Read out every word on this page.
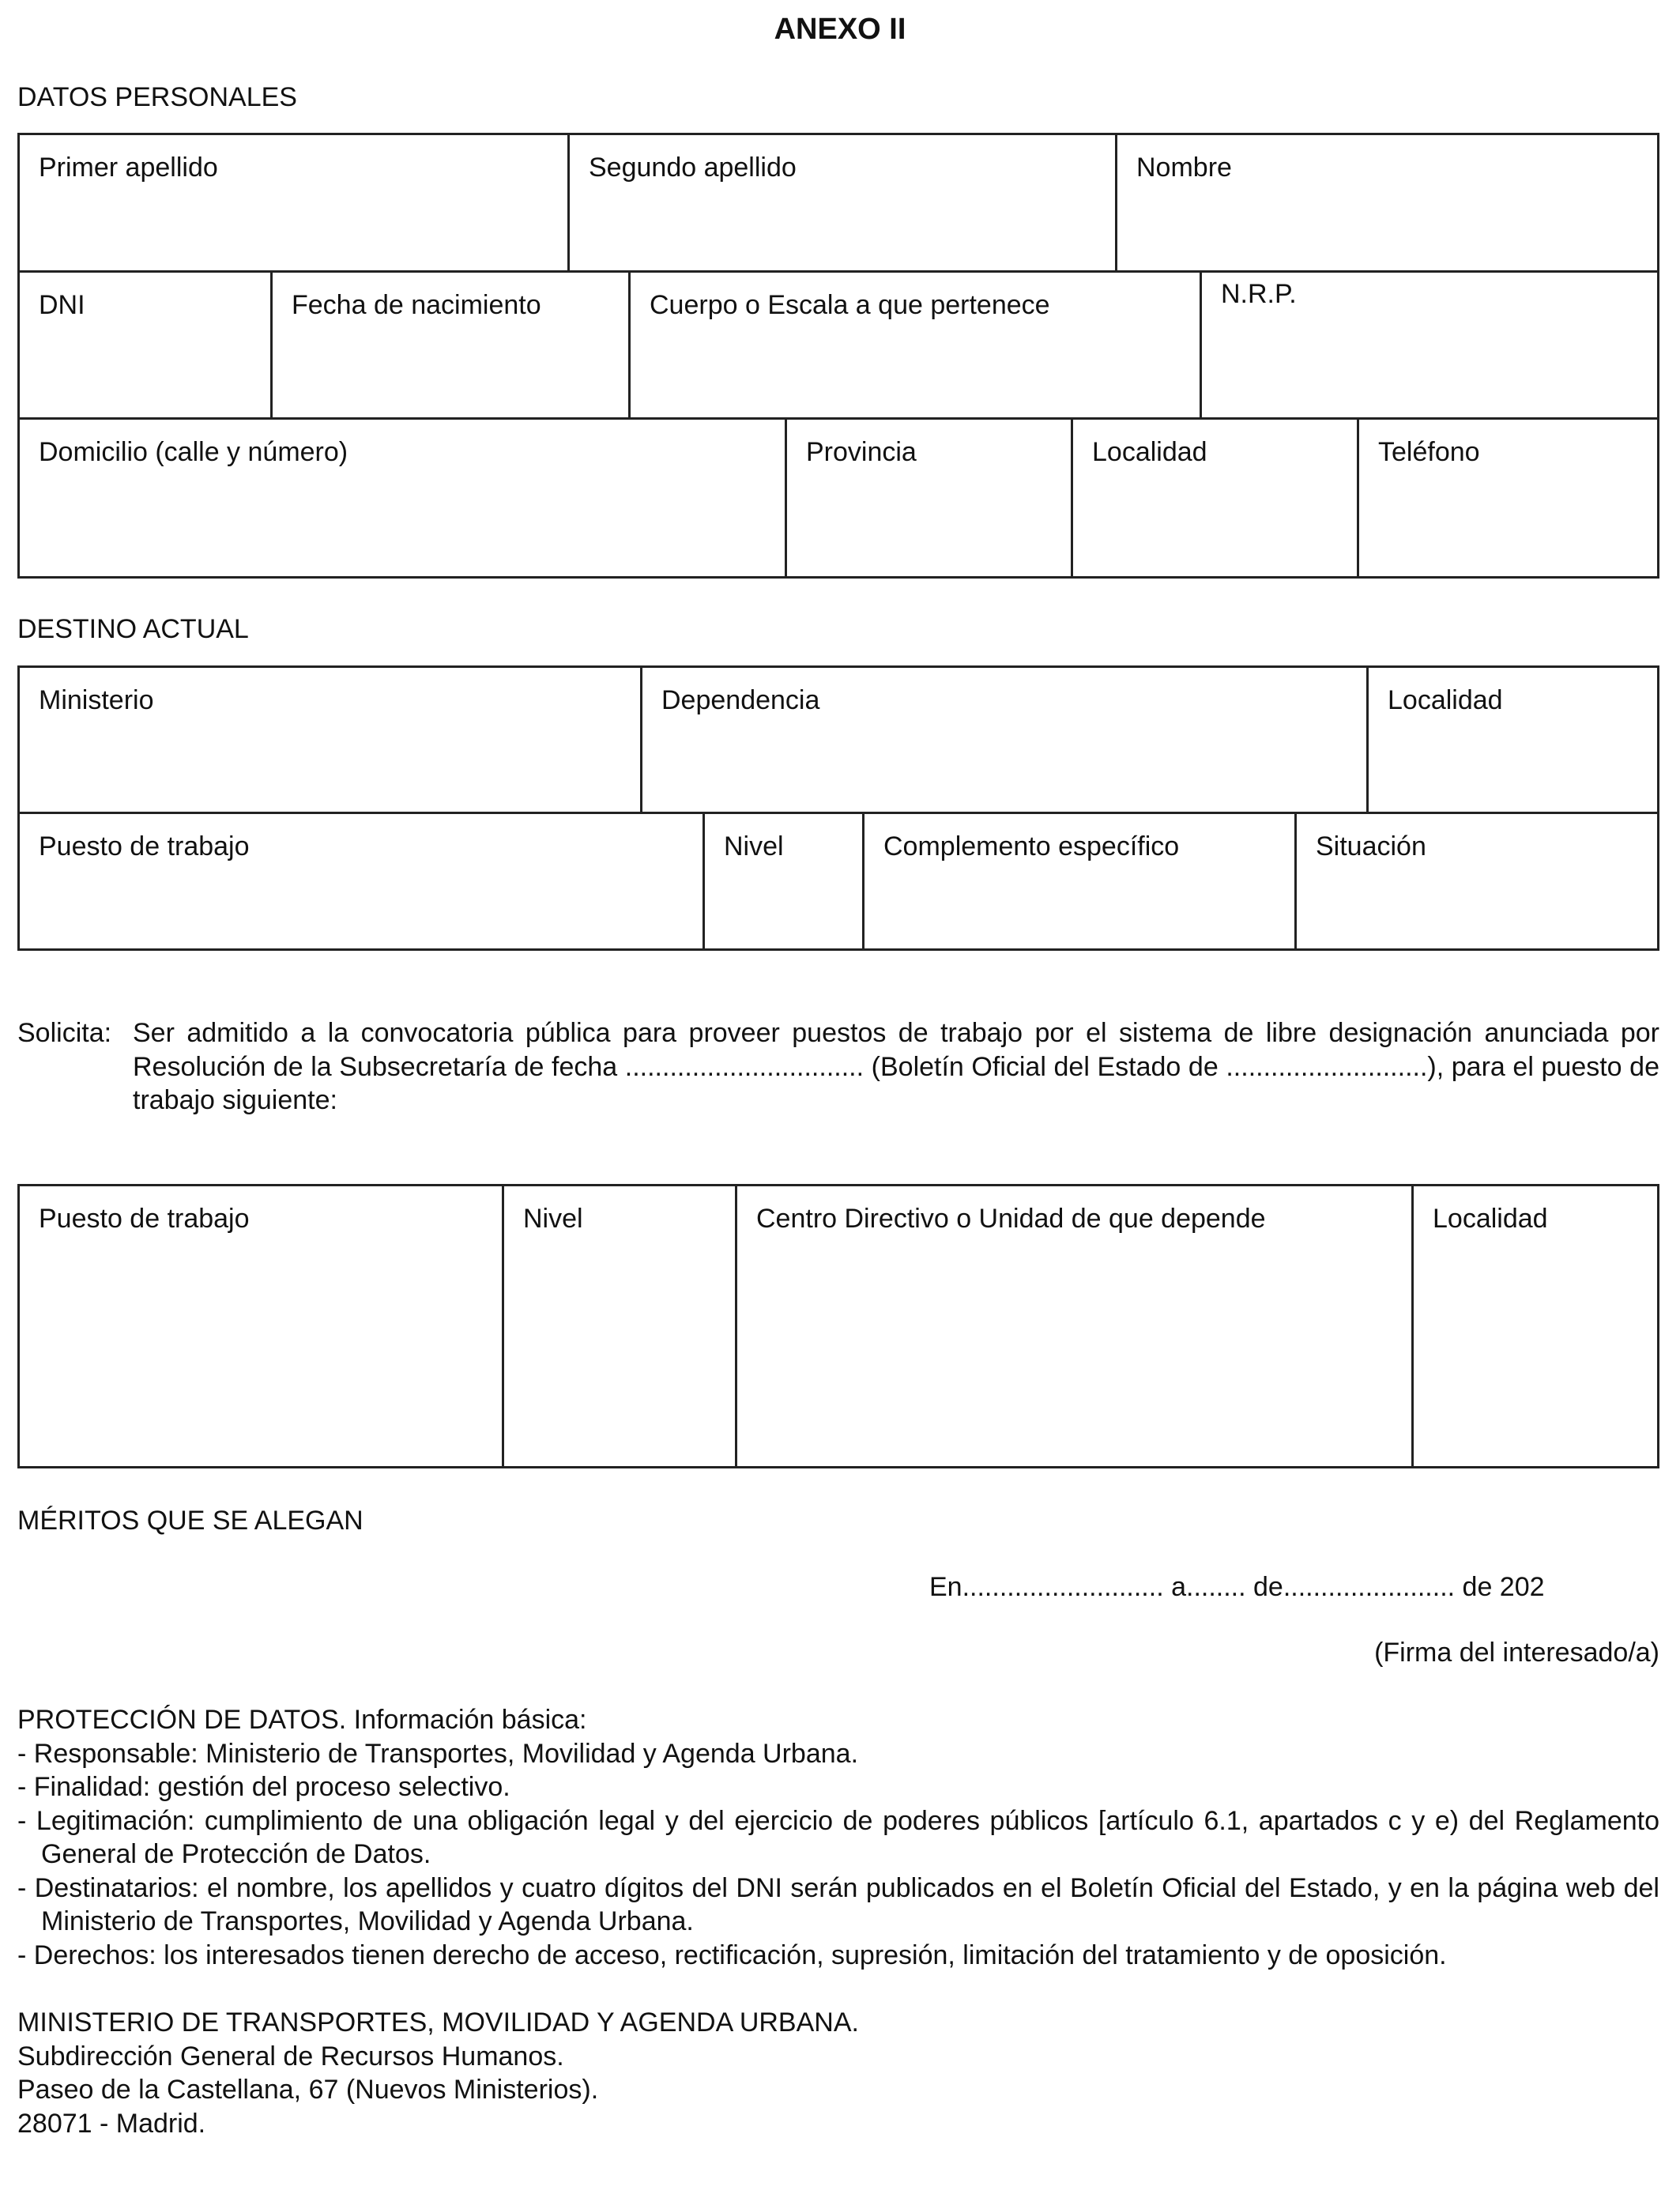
ANEXO II
DATOS PERSONALES
Primer apellido	Segundo apellido	Nombre
DNI	Fecha de nacimiento	Cuerpo o Escala a que pertenece	N.R.P.
Domicilio (calle y número)	Provincia	Localidad	Teléfono
DESTINO ACTUAL
Ministerio	Dependencia	Localidad
Puesto de trabajo	Nivel	Complemento específico	Situación
Solicita: Ser admitido a la convocatoria pública para proveer puestos de trabajo por el sistema de libre designación anunciada por Resolución de la Subsecretaría de fecha ................................ (Boletín Oficial del Estado de ...........................), para el puesto de trabajo siguiente:
Puesto de trabajo	Nivel	Centro Directivo o Unidad de que depende	Localidad
MÉRITOS QUE SE ALEGAN
En........................... a........ de....................... de 202
(Firma del interesado/a)
PROTECCIÓN DE DATOS. Información básica:
- Responsable: Ministerio de Transportes, Movilidad y Agenda Urbana.
- Finalidad: gestión del proceso selectivo.
- Legitimación: cumplimiento de una obligación legal y del ejercicio de poderes públicos [artículo 6.1, apartados c y e) del Reglamento General de Protección de Datos.
- Destinatarios: el nombre, los apellidos y cuatro dígitos del DNI serán publicados en el Boletín Oficial del Estado, y en la página web del Ministerio de Transportes, Movilidad y Agenda Urbana.
- Derechos: los interesados tienen derecho de acceso, rectificación, supresión, limitación del tratamiento y de oposición.
MINISTERIO DE TRANSPORTES, MOVILIDAD Y AGENDA URBANA.
Subdirección General de Recursos Humanos.
Paseo de la Castellana, 67 (Nuevos Ministerios).
28071 - Madrid.
